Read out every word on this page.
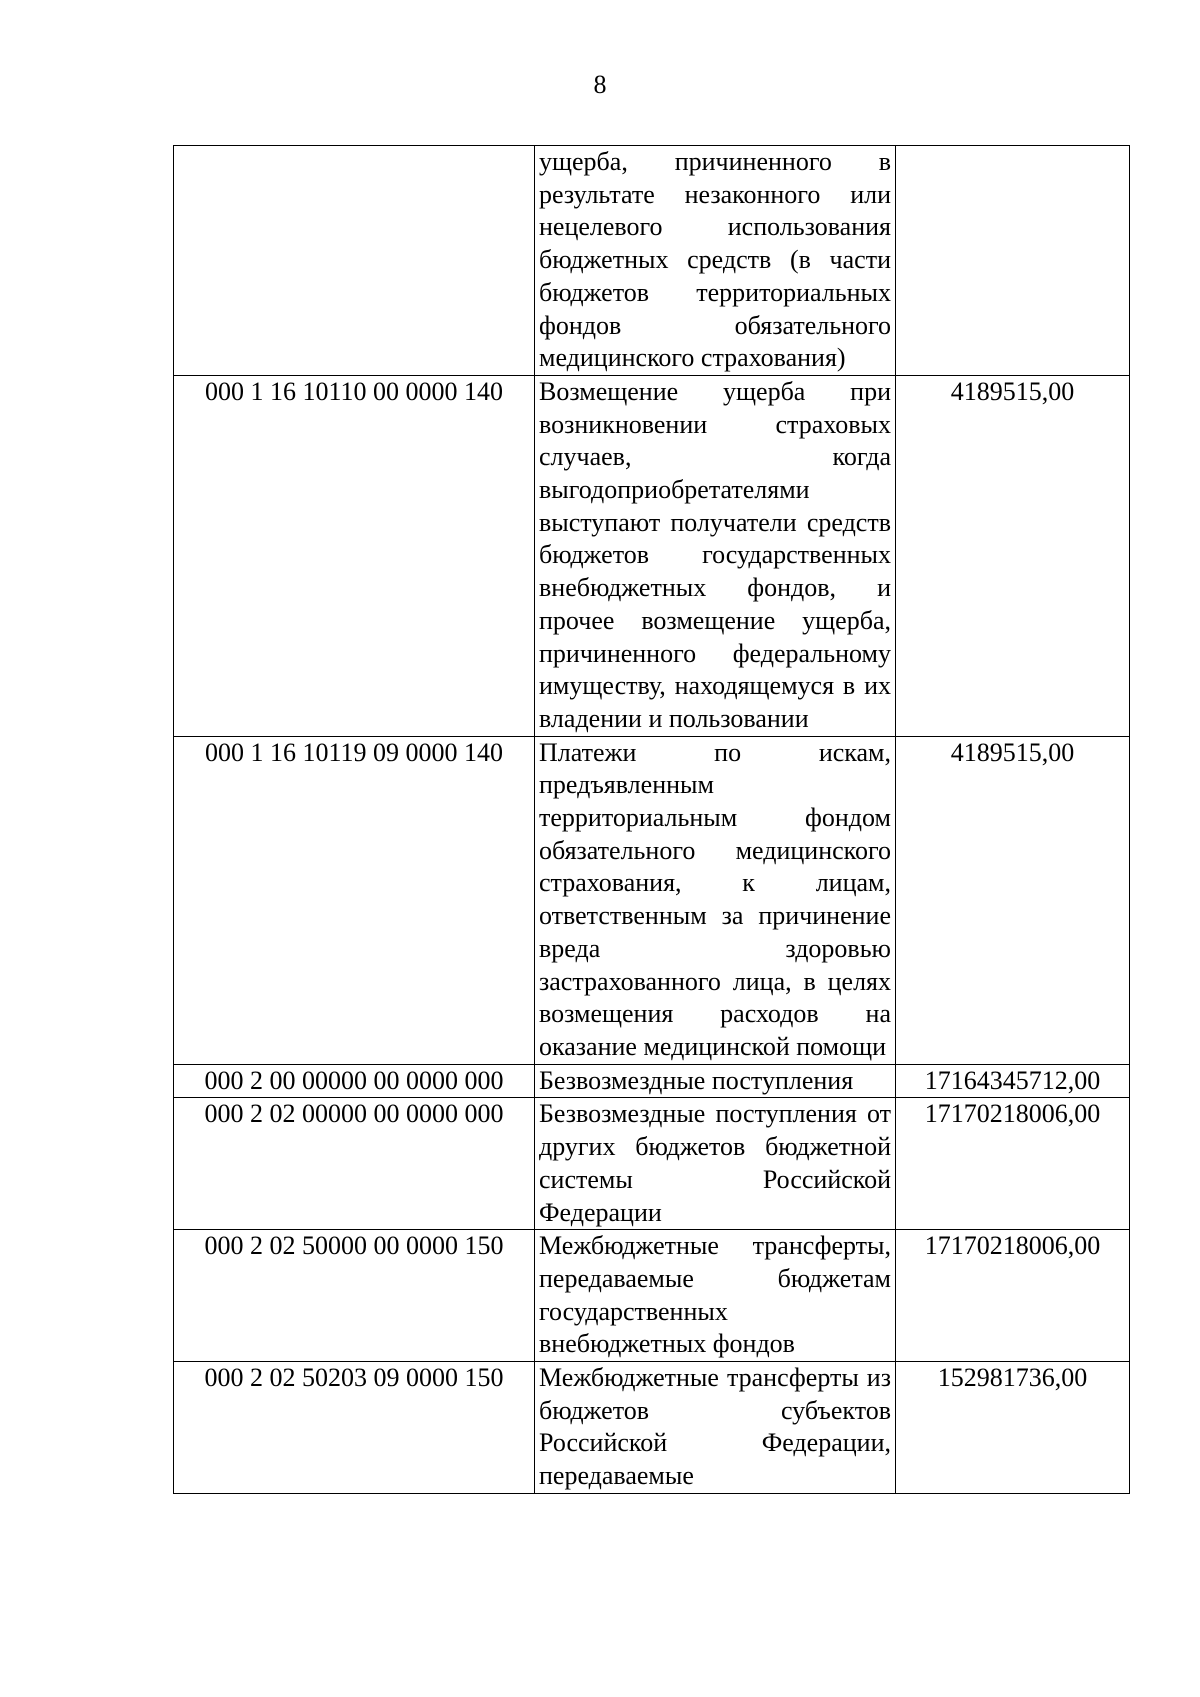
8
	ущерба, причиненного в результате незаконного или нецелевого использования бюджетных средств (в части бюджетов территориальных фондов обязательного медицинского страхования)	
000 1 16 10110 00 0000 140	Возмещение ущерба при возникновении страховых случаев, когда выгодоприобретателями выступают получатели средств бюджетов государственных внебюджетных фондов, и прочее возмещение ущерба, причиненного федеральному имуществу, находящемуся в их владении и пользовании	4189515,00
000 1 16 10119 09 0000 140	Платежи по искам, предъявленным территориальным фондом обязательного медицинского страхования, к лицам, ответственным за причинение вреда здоровью застрахованного лица, в целях возмещения расходов на оказание медицинской помощи	4189515,00
000 2 00 00000 00 0000 000	Безвозмездные поступления	17164345712,00
000 2 02 00000 00 0000 000	Безвозмездные поступления от других бюджетов бюджетной системы Российской Федерации	17170218006,00
000 2 02 50000 00 0000 150	Межбюджетные трансферты, передаваемые бюджетам государственных внебюджетных фондов	17170218006,00
000 2 02 50203 09 0000 150	Межбюджетные трансферты из бюджетов субъектов Российской Федерации, передаваемые	152981736,00
